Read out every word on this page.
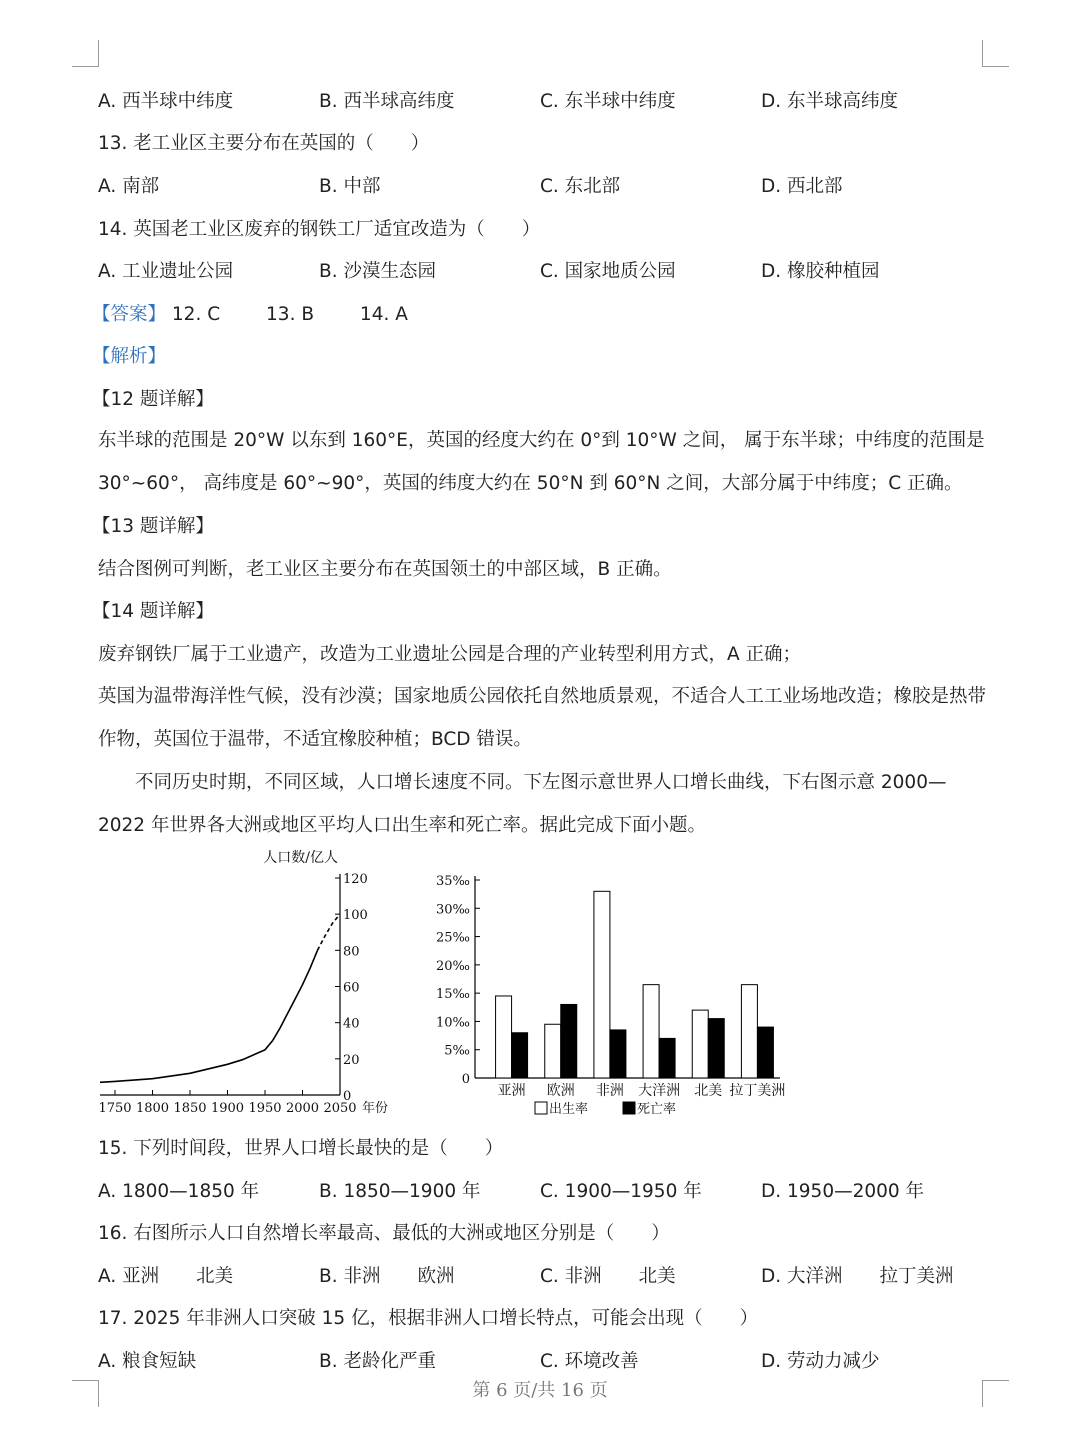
A. 西半球中纬度	B. 西半球高纬度	C. 东半球中纬度	D. 东半球高纬度
13. 老工业区主要分布在英国的（　　）
A. 南部	B. 中部	C. 东北部	D. 西北部
14. 英国老工业区废弃的钢铁工厂适宜改造为（　　）
A. 工业遗址公园	B. 沙漠生态园	C. 国家地质公园	D. 橡胶种植园
【答案】 12. C 13. B 14. A
【解析】
【12 题详解】
东半球的范围是 20°W 以东到 160°E，英国的经度大约在 0°到 10°W 之间， 属于东半球；中纬度的范围是 30°~60°， 高纬度是 60°~90°，英国的纬度大约在 50°N 到 60°N 之间，大部分属于中纬度；C 正确。
【13 题详解】
结合图例可判断，老工业区主要分布在英国领土的中部区域，B 正确。
【14 题详解】
废弃钢铁厂属于工业遗产，改造为工业遗址公园是合理的产业转型利用方式，A 正确；
英国为温带海洋性气候，没有沙漠；国家地质公园依托自然地质景观，不适合人工工业场地改造；橡胶是热带作物，英国位于温带，不适宜橡胶种植；BCD 错误。
不同历史时期，不同区域，人口增长速度不同。下左图示意世界人口增长曲线，下右图示意 2000—2022 年世界各大洲或地区平均人口出生率和死亡率。据此完成下面小题。
0
20
40
60
80
100
120
1750 1800 1850 1900 1950 2000 2050 年份
人口数/亿人
0
5‰
10‰
15‰
20‰
25‰
30‰
35‰
亚洲 欧洲 非洲 大洋洲 北美 拉丁美洲
出生率	死亡率
15. 下列时间段，世界人口增长最快的是（　　）
A. 1800—1850 年	B. 1850—1900 年	C. 1900—1950 年	D. 1950—2000 年
16. 右图所示人口自然增长率最高、最低的大洲或地区分别是（　　）
A. 亚洲　　北美	B. 非洲　　欧洲	C. 非洲　　北美	D. 大洋洲　　拉丁美洲
17. 2025 年非洲人口突破 15 亿，根据非洲人口增长特点，可能会出现（　　）
A. 粮食短缺	B. 老龄化严重	C. 环境改善	D. 劳动力减少
第 6 页/共 16 页
